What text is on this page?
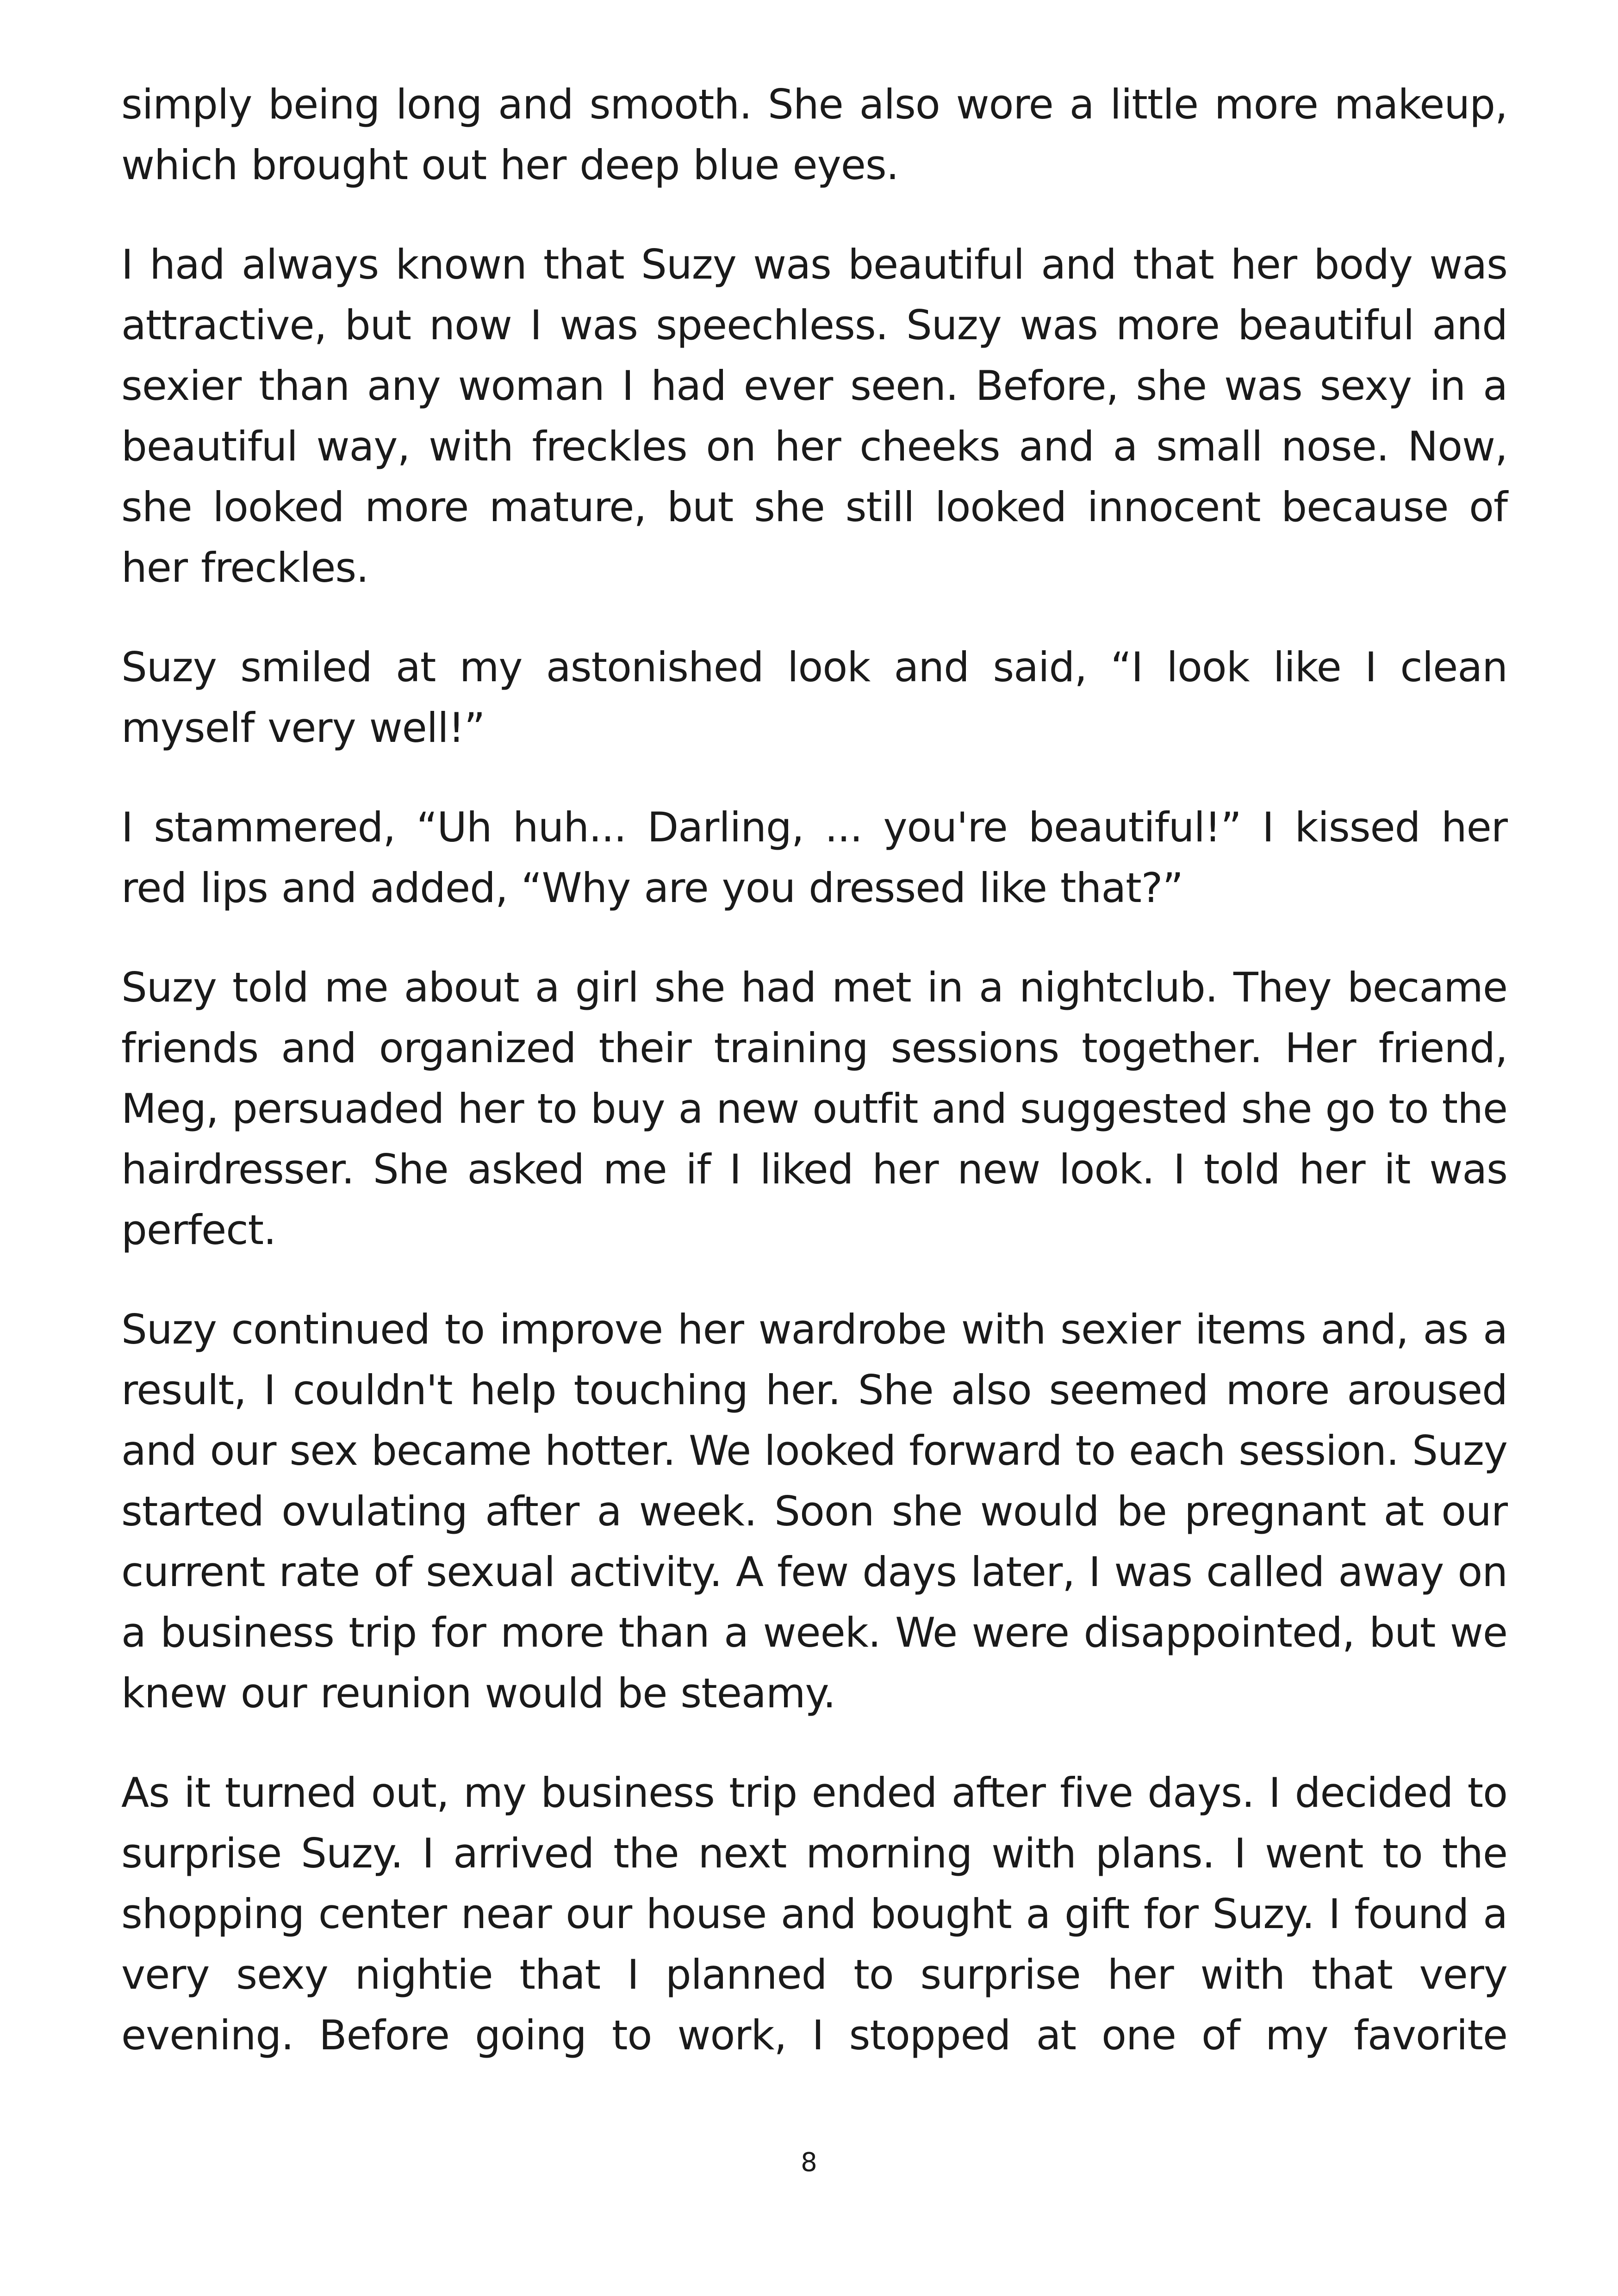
simply being long and smooth. She also wore a little more makeup, which brought out her deep blue eyes.

I had always known that Suzy was beautiful and that her body was attractive, but now I was speechless. Suzy was more beautiful and sexier than any woman I had ever seen. Before, she was sexy in a beautiful way, with freckles on her cheeks and a small nose. Now, she looked more mature, but she still looked innocent because of her freckles.

Suzy smiled at my astonished look and said, “I look like I clean myself very well!”

I stammered, “Uh huh... Darling, ... you're beautiful!” I kissed her red lips and added, “Why are you dressed like that?”

Suzy told me about a girl she had met in a nightclub. They became friends and organized their training sessions together. Her friend, Meg, persuaded her to buy a new outfit and suggested she go to the hairdresser. She asked me if I liked her new look. I told her it was perfect.

Suzy continued to improve her wardrobe with sexier items and, as a result, I couldn't help touching her. She also seemed more aroused and our sex became hotter. We looked forward to each session. Suzy started ovulating after a week. Soon she would be pregnant at our current rate of sexual activity. A few days later, I was called away on a business trip for more than a week. We were disappointed, but we knew our reunion would be steamy.

As it turned out, my business trip ended after five days. I decided to surprise Suzy. I arrived the next morning with plans. I went to the shopping center near our house and bought a gift for Suzy. I found a very sexy nightie that I planned to surprise her with that very evening. Before going to work, I stopped at one of my favorite

8
